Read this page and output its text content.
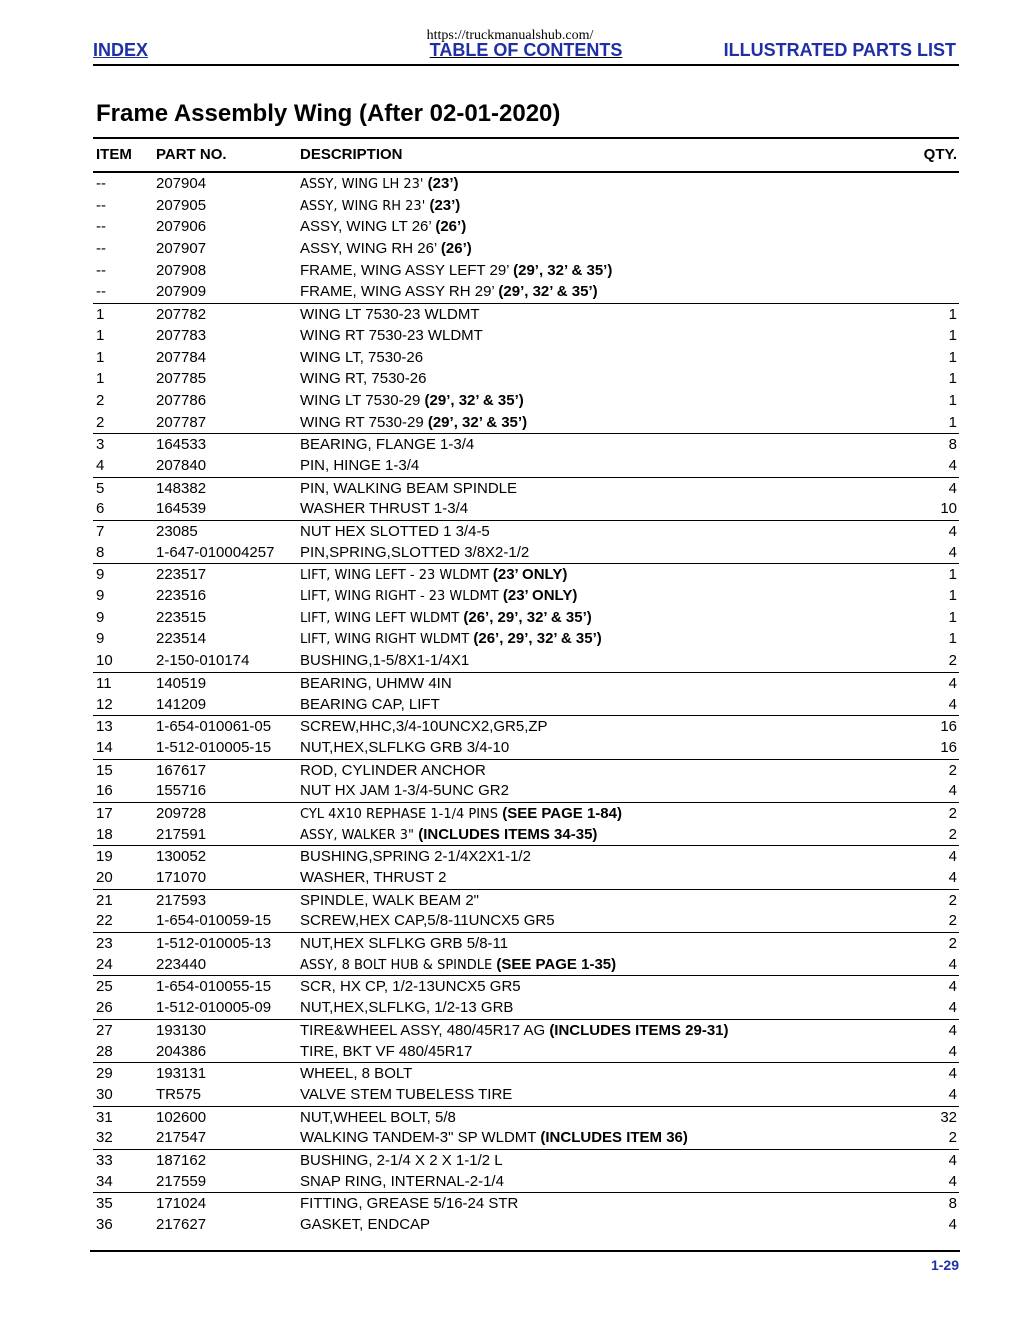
https://truckmanualshub.com/
INDEX	TABLE OF CONTENTS	ILLUSTRATED PARTS LIST
Frame Assembly Wing (After 02-01-2020)
ITEM PART NO.	DESCRIPTION	QTY.
--	207904	ASSY, WING LH 23' (23’)
--	207905	ASSY, WING RH 23' (23’)
--	207906	ASSY, WING LT 26’ (26’)
--	207907	ASSY, WING RH 26’ (26’)
--	207908	FRAME, WING ASSY LEFT 29’ (29’, 32’ & 35’)
--	207909	FRAME, WING ASSY RH 29’ (29’, 32’ & 35’)
1	207782	WING LT 7530-23 WLDMT	1
1	207783	WING RT 7530-23 WLDMT	1
1	207784	WING LT, 7530-26	1
1	207785	WING RT, 7530-26	1
2	207786	WING LT 7530-29 (29’, 32’ & 35’)	1
2	207787	WING RT 7530-29 (29’, 32’ & 35’)	1
3	164533	BEARING, FLANGE 1-3/4	8
4	207840	PIN, HINGE 1-3/4	4
5	148382	PIN, WALKING BEAM SPINDLE	4
6	164539	WASHER THRUST 1-3/4	10
7	23085	NUT HEX SLOTTED 1 3/4-5	4
8	1-647-010004257 PIN,SPRING,SLOTTED 3/8X2-1/2	4
9	223517	LIFT, WING LEFT - 23 WLDMT (23’ ONLY)	1
9	223516	LIFT, WING RIGHT - 23 WLDMT (23’ ONLY)	1
9	223515	LIFT, WING LEFT WLDMT (26’, 29’, 32’ & 35’)	1
9	223514	LIFT, WING RIGHT WLDMT (26’, 29’, 32’ & 35’)	1
10	2-150-010174	BUSHING,1-5/8X1-1/4X1	2
11	140519	BEARING, UHMW 4IN	4
12	141209	BEARING CAP, LIFT	4
13	1-654-010061-05 SCREW,HHC,3/4-10UNCX2,GR5,ZP	16
14	1-512-010005-15 NUT,HEX,SLFLKG GRB 3/4-10	16
15	167617	ROD, CYLINDER ANCHOR	2
16	155716	NUT HX JAM 1-3/4-5UNC GR2	4
17	209728	CYL 4X10 REPHASE 1-1/4 PINS (SEE PAGE 1-84)	2
18	217591	ASSY, WALKER 3" (INCLUDES ITEMS 34-35)	2
19	130052	BUSHING,SPRING 2-1/4X2X1-1/2	4
20	171070	WASHER, THRUST 2	4
21	217593	SPINDLE, WALK BEAM 2"	2
22	1-654-010059-15 SCREW,HEX CAP,5/8-11UNCX5 GR5	2
23	1-512-010005-13 NUT,HEX SLFLKG GRB 5/8-11	2
24	223440	ASSY, 8 BOLT HUB & SPINDLE (SEE PAGE 1-35)	4
25	1-654-010055-15 SCR, HX CP, 1/2-13UNCX5 GR5	4
26	1-512-010005-09 NUT,HEX,SLFLKG, 1/2-13 GRB	4
27	193130	TIRE&WHEEL ASSY, 480/45R17 AG (INCLUDES ITEMS 29-31)	4
28	204386	TIRE, BKT VF 480/45R17	4
29	193131	WHEEL, 8 BOLT	4
30	TR575	VALVE STEM TUBELESS TIRE	4
31	102600	NUT,WHEEL BOLT, 5/8	32
32	217547	WALKING TANDEM-3" SP WLDMT (INCLUDES ITEM 36)	2
33	187162	BUSHING, 2-1/4 X 2 X 1-1/2 L	4
34	217559	SNAP RING, INTERNAL-2-1/4	4
35	171024	FITTING, GREASE 5/16-24 STR	8
36	217627	GASKET, ENDCAP	4
1-29
